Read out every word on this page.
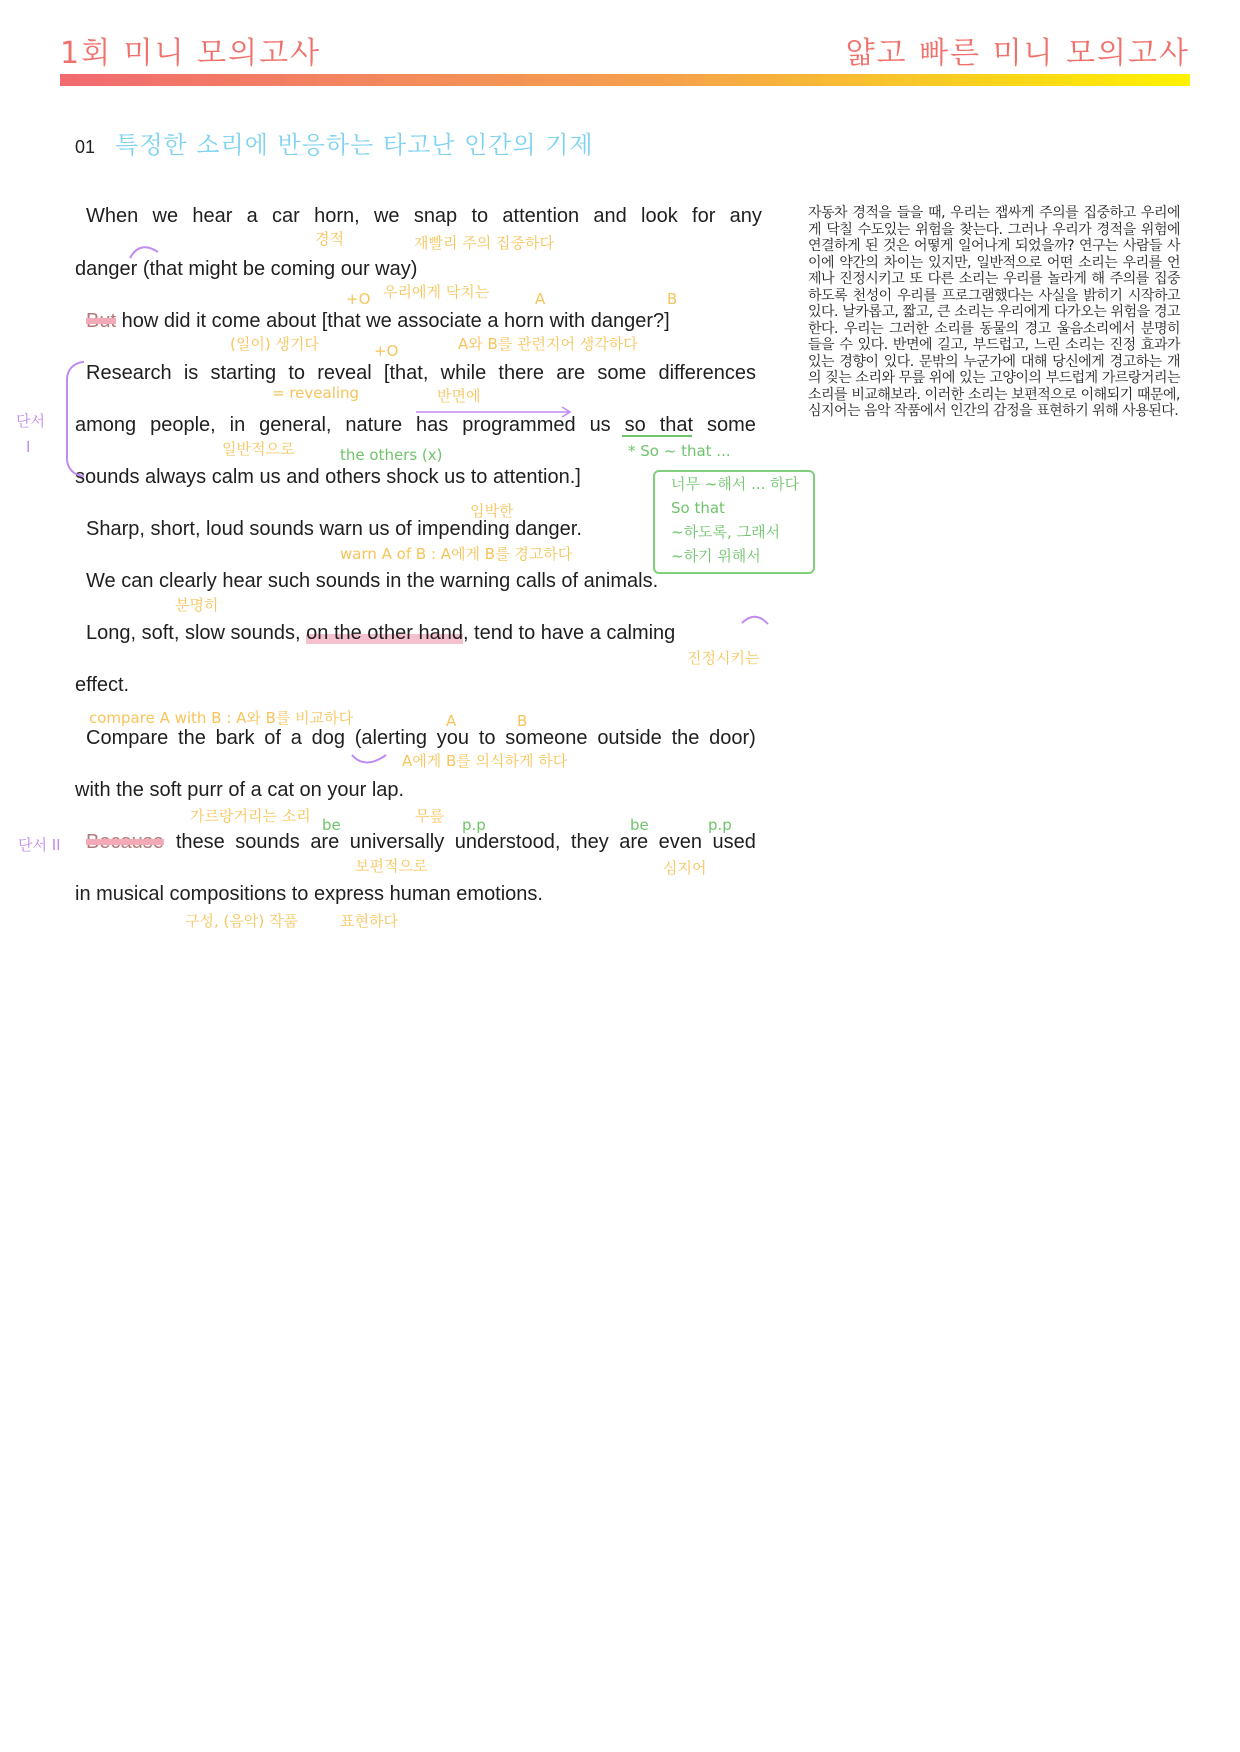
1회 미니 모의고사	얇고 빠른 미니 모의고사
01 특정한 소리에 반응하는 타고난 인간의 기제
When we hear a car horn, we snap to attention and look for any
danger (that might be coming our way)
But how did it come about [that we associate a horn with danger?]
Research is starting to reveal [that, while there are some differences
among people, in general, nature has programmed us so that some
sounds always calm us and others shock us to attention.]
Sharp, short, loud sounds warn us of impending danger.
We can clearly hear such sounds in the warning calls of animals.
Long, soft, slow sounds, on the other hand, tend to have a calming
effect.
Compare the bark of a dog (alerting you to someone outside the door)
with the soft purr of a cat on your lap.
Because these sounds are universally understood, they are even used
in musical compositions to express human emotions.
경적	재빨리 주의 집중하다
+O 우리에게 닥치는	A	B
(일이) 생기다	+O	A와 B를 관련지어 생각하다
= revealing	반면에
일반적으로	the others (x)	* So ~ that ...
임박한
warn A of B : A에게 B를 경고하다
분명히
진정시키는
compare A with B : A와 B를 비교하다	A	B
A에게 B를 의식하게 하다
가르랑거리는 소리	무릎
be	p.p	be	p.p
보편적으로	심지어
구성, (음악) 작품	표현하다
단서
I
단서 II
너무 ~해서 ... 하다
So that
~하도록, 그래서
~하기 위해서
자동차 경적을 들을 때, 우리는 잽싸게 주의를 집중하고 우리에게 닥칠 수도있는 위험을 찾는다. 그러나 우리가 경적을 위험에 연결하게 된 것은 어떻게 일어나게 되었을까? 연구는 사람들 사이에 약간의 차이는 있지만, 일반적으로 어떤 소리는 우리를 언제나 진정시키고 또 다른 소리는 우리를 놀라게 해 주의를 집중 하도록 천성이 우리를 프로그램했다는 사실을 밝히기 시작하고 있다. 날카롭고, 짧고, 큰 소리는 우리에게 다가오는 위험을 경고한다. 우리는 그러한 소리를 동물의 경고 울음소리에서 분명히 들을 수 있다. 반면에 길고, 부드럽고, 느린 소리는 진정 효과가 있는 경향이 있다. 문밖의 누군가에 대해 당신에게 경고하는 개의 짖는 소리와 무릎 위에 있는 고양이의 부드럽게 가르랑거리는 소리를 비교해보라. 이러한 소리는 보편적으로 이해되기 때문에, 심지어는 음악 작품에서 인간의 감정을 표현하기 위해 사용된다.
